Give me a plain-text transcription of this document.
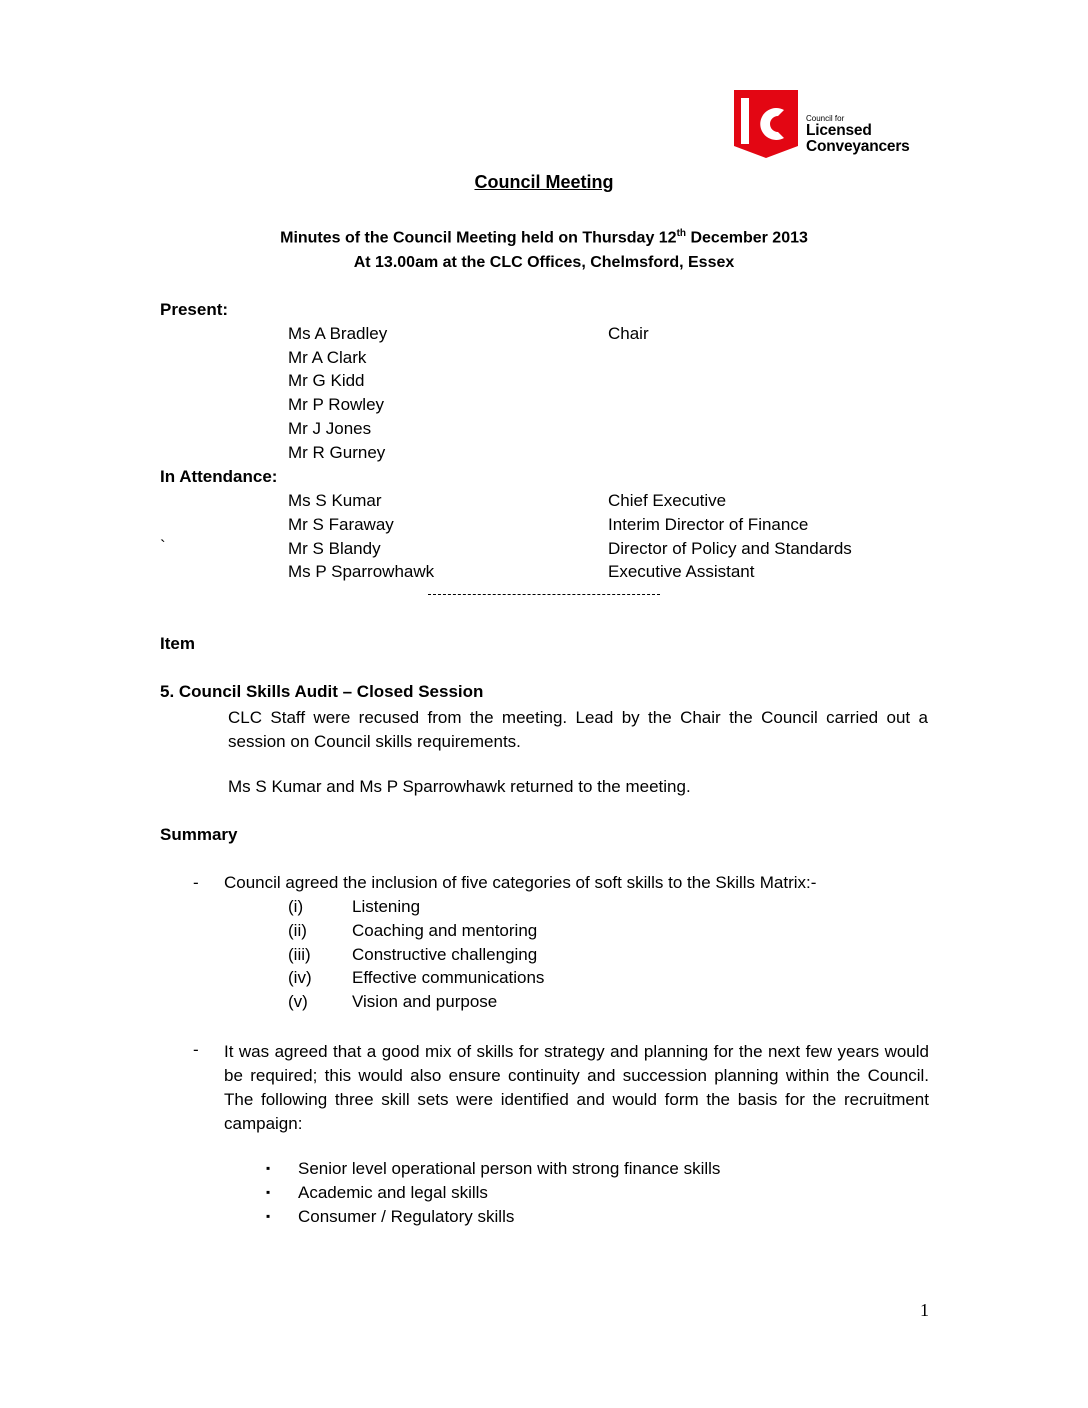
Council for
Licensed
Conveyancers
Council Meeting
Minutes of the Council Meeting held on Thursday 12th December 2013
At 13.00am at the CLC Offices, Chelmsford, Essex
Present:
Ms A Bradley	Chair
Mr A Clark
Mr G Kidd
Mr P Rowley
Mr J Jones
Mr R Gurney
In Attendance:
Ms S Kumar	Chief Executive
Mr S Faraway	Interim Director of Finance
`	Mr S Blandy	Director of Policy and Standards
Ms P Sparrowhawk	Executive Assistant
Item
5. Council Skills Audit – Closed Session
CLC Staff were recused from the meeting. Lead by the Chair the Council carried out a session on Council skills requirements.
Ms S Kumar and Ms P Sparrowhawk returned to the meeting.
Summary
- Council agreed the inclusion of five categories of soft skills to the Skills Matrix:-
(i)	Listening
(ii)	Coaching and mentoring
(iii) Constructive challenging
(iv) Effective communications
(v)	Vision and purpose
- It was agreed that a good mix of skills for strategy and planning for the next few years would be required; this would also ensure continuity and succession planning within the Council. The following three skill sets were identified and would form the basis for the recruitment campaign:
▪ Senior level operational person with strong finance skills
▪ Academic and legal skills
▪ Consumer / Regulatory skills
1
